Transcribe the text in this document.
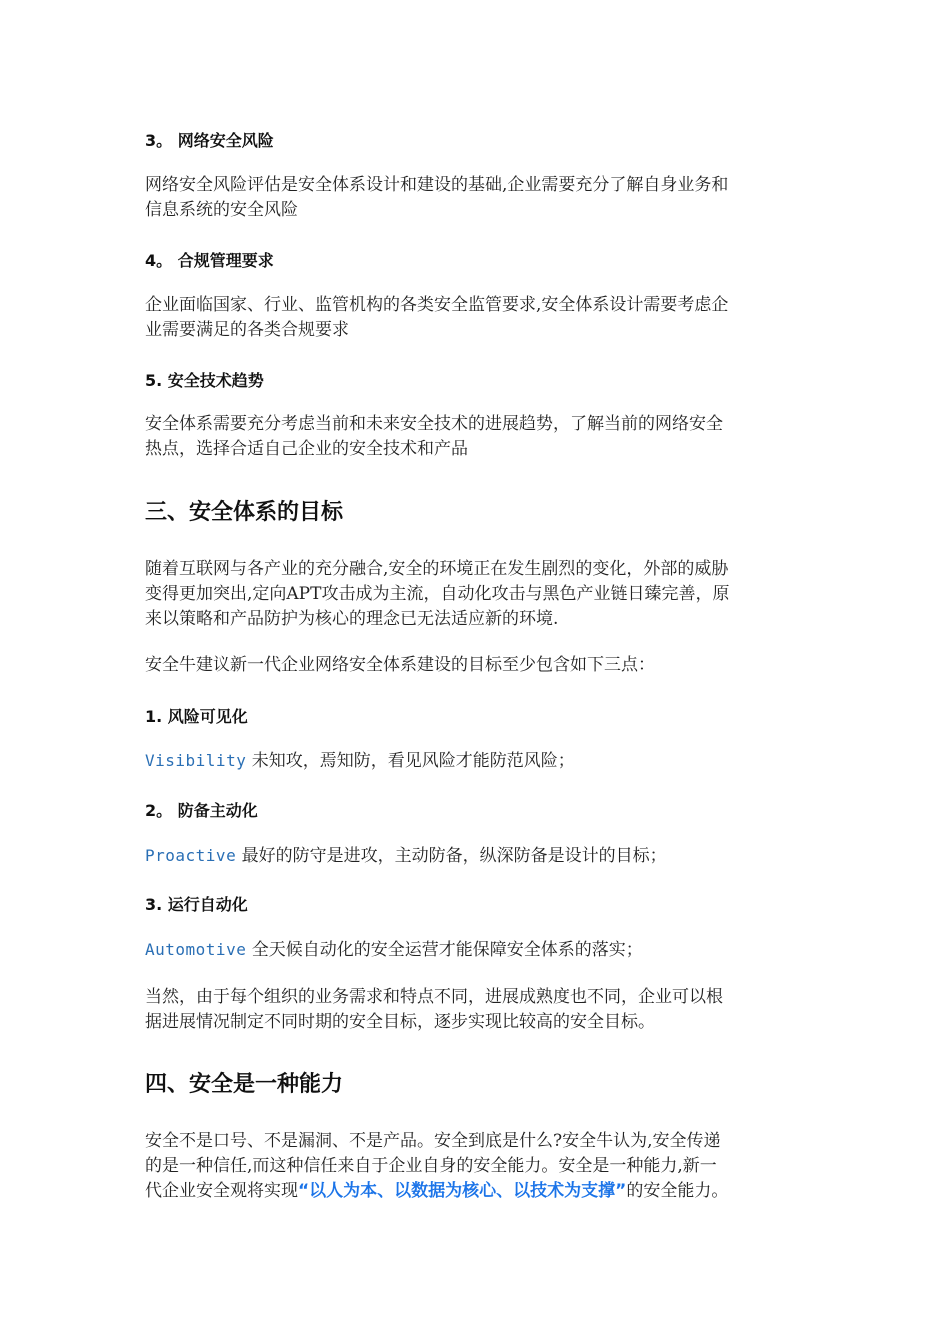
3。 网络安全风险
网络安全风险评估是安全体系设计和建设的基础,企业需要充分了解自身业务和
信息系统的安全风险
4。 合规管理要求
企业面临国家、行业、监管机构的各类安全监管要求,安全体系设计需要考虑企
业需要满足的各类合规要求
5. 安全技术趋势
安全体系需要充分考虑当前和未来安全技术的进展趋势，了解当前的网络安全
热点，选择合适自己企业的安全技术和产品
三、安全体系的目标
随着互联网与各产业的充分融合,安全的环境正在发生剧烈的变化，外部的威胁
变得更加突出,定向APT攻击成为主流，自动化攻击与黑色产业链日臻完善，原
来以策略和产品防护为核心的理念已无法适应新的环境.
安全牛建议新一代企业网络安全体系建设的目标至少包含如下三点：
1. 风险可见化
Visibility 未知攻，焉知防，看见风险才能防范风险；
2。 防备主动化
Proactive 最好的防守是进攻，主动防备，纵深防备是设计的目标；
3. 运行自动化
Automotive 全天候自动化的安全运营才能保障安全体系的落实；
当然，由于每个组织的业务需求和特点不同，进展成熟度也不同，企业可以根
据进展情况制定不同时期的安全目标，逐步实现比较高的安全目标。
四、安全是一种能力
安全不是口号、不是漏洞、不是产品。安全到底是什么?安全牛认为,安全传递
的是一种信任,而这种信任来自于企业自身的安全能力。安全是一种能力,新一
代企业安全观将实现“以人为本、以数据为核心、以技术为支撑”的安全能力。
